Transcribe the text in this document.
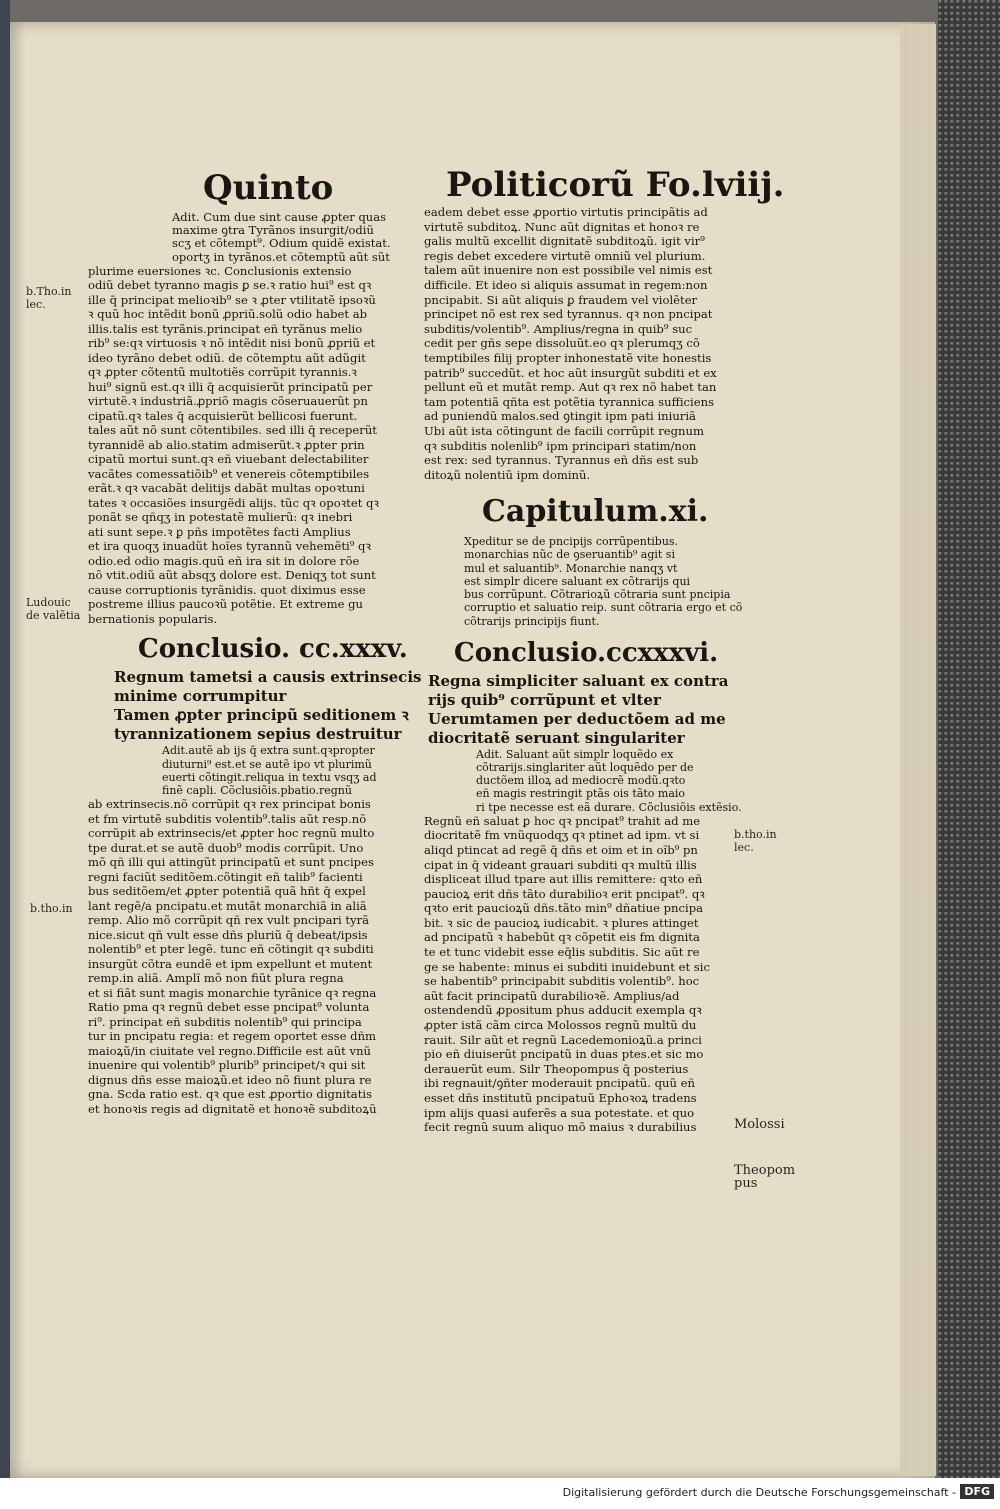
Quinto	Politicorũ Fo.lviij.

Adit. Cum due sint cause ꝓpter quas

maxime ꝯtra Tyrãnos insurgit/odiũ

scʒ et cõtempt⁹. Odium quidẽ existat.

oportʒ in tyrãnos.et cõtemptũ aũt sũt

plurime euersiones ꝛc. Conclusionis extensio

odiũ debet tyranno magis ꝑ se.ꝛ ratio hui⁹ est qꝛ

ille q̄ principat melioꝛib⁹ se ꝛ ꝓter vtilitatẽ ipsoꝛũ

ꝛ quũ hoc intẽdit bonũ ꝓpriũ.solũ odio habet ab

illis.talis est tyrãnis.principat eñ tyrãnus melio

rib⁹ se:qꝛ virtuosis ꝛ nõ intẽdit nisi bonũ ꝓpriũ et

ideo tyrãno debet odiũ. de cõtemptu aũt adũgit

qꝛ ꝓpter cõtentũ multotiẽs corrũpit tyrannis.ꝛ

hui⁹ signũ est.qꝛ illi q̄ acquisierũt principatũ per

virtutẽ.ꝛ industriã.ꝓpriõ magis cõseruauerũt pn

cipatũ.qꝛ tales q̄ acquisierũt bellicosi fuerunt.

tales aũt nõ sunt cõtentibiles. sed illi q̄ receperũt

tyrannidẽ ab alio.statim admiserũt.ꝛ ꝓpter prin

cipatũ mortui sunt.qꝛ eñ viuebant delectabiliter

vacãtes comessatiõib⁹ et venereis cõtemptibiles

erãt.ꝛ qꝛ vacabãt delitijs dabãt multas opoꝛtuni

tates ꝛ occasiões insurgẽdi alijs. tũc qꝛ opoꝛtet qꝛ

ponãt se qñqʒ in potestatẽ mulierũ: qꝛ inebri

ati sunt sepe.ꝛ ꝑ pñs impotẽtes facti Amplius

et ira quoqʒ inuadũt hoĩes tyrannũ vehemẽti⁹ qꝛ

odio.ed odio magis.quũ eñ ira sit in dolore rõe

nõ vtit.odiũ aũt absqʒ dolore est. Deniqʒ tot sunt

cause corruptionis tyrãnidis. quot diximus esse

postreme illius paucoꝛũ potẽtie. Et extreme gu

bernationis popularis.

Conclusio. cc.xxxv.

Regnum tametsi a causis extrinsecis

minime corrumpitur

Tamen ꝓpter principũ seditionem ꝛ

tyrannizationem sepius destruitur

Adit.autẽ ab ijs q̄ extra sunt.qꝛpropter

diuturni⁹ est.et se autẽ ipo vt plurimũ

euerti cõtingit.reliqua in textu vsqʒ ad

finẽ capli. Cõclusiõis.pbatio.regnũ

ab extrinsecis.nõ corrũpit qꝛ rex principat bonis

et fm virtutẽ subditis volentib⁹.talis aũt resp.nõ

corrũpit ab extrinsecis/et ꝓpter hoc regnũ multo

tpe durat.et se autẽ duob⁹ modis corrũpit. Uno

mõ qñ illi qui attingũt principatũ et sunt pncipes

regni faciũt seditõem.cõtingit eñ talib⁹ facienti

bus seditõem/et ꝓpter potentiã quã hñt q̄ expel

lant regẽ/a pncipatu.et mutãt monarchiã in aliã

remp. Alio mõ corrũpit qñ rex vult pncipari tyrã

nice.sicut qñ vult esse dñs pluriũ q̄ debeat/ipsis

nolentib⁹ et pter legẽ. tunc eñ cõtingit qꝛ subditi

insurgũt cõtra eundẽ et ipm expellunt et mutent

remp.in aliã. Amplĩ mõ non fiũt plura regna

et si fiãt sunt magis monarchie tyrãnice qꝛ regna

Ratio pma qꝛ regnũ debet esse pncipat⁹ volunta

ri⁹. principat eñ subditis nolentib⁹ qui principa

tur in pncipatu regia: et regem oportet esse dñm

maioꝝũ/in ciuitate vel regno.Difficile est aũt vnũ

inuenire qui volentib⁹ plurib⁹ principet/ꝛ qui sit

dignus dñs esse maioꝝũ.et ideo nõ fiunt plura re

gna. Scda ratio est. qꝛ que est ꝓportio dignitatis

et honoꝛis regis ad dignitatẽ et honoꝛẽ subditoꝝũ

eadem debet esse ꝓportio virtutis principãtis ad

virtutẽ subditoꝝ. Nunc aũt dignitas et honoꝛ re

galis multũ excellit dignitatẽ subditoꝝũ. igit vir⁹

regis debet excedere virtutẽ omniũ vel plurium.

talem aũt inuenire non est possibile vel nimis est

difficile. Et ideo si aliquis assumat in regem:non

pncipabit. Si aũt aliquis ꝑ fraudem vel violẽter

principet nõ est rex sed tyrannus. qꝛ non pncipat

subditis/volentib⁹. Amplius/regna in quib⁹ suc

cedit per gñs sepe dissoluũt.eo qꝛ plerumqʒ cõ

temptibiles filij propter inhonestatẽ vite honestis

patrib⁹ succedũt. et hoc aũt insurgũt subditi et ex

pellunt eũ et mutãt remp. Aut qꝛ rex nõ habet tan

tam potentiã qñta est potẽtia tyrannica sufficiens

ad puniendũ malos.sed ꝯtingit ipm pati iniuriã

Ubi aũt ista cõtingunt de facili corrũpit regnum

qꝛ subditis nolenlib⁹ ipm principari statim/non

est rex: sed tyrannus. Tyrannus eñ dñs est sub

ditoꝝũ nolentiũ ipm dominũ.

Capitulum.xi.

Xpeditur se de pncipijs corrũpentibus.

monarchias nũc de ꝯseruantib⁹ agit si

mul et saluantib⁹. Monarchie nanqʒ vt

est simplr dicere saluant ex cõtrarijs qui

bus corrũpunt. Cõtrarioꝝũ cõtraria sunt pncipia

corruptio et saluatio reip. sunt cõtraria ergo et cõ

cõtrarijs principijs fiunt.

Conclusio.ccxxxvi.

Regna simpliciter saluant ex contra

rijs quib⁹ corrũpunt et vlter

Uerumtamen per deductõem ad me

diocritatẽ seruant singulariter

Adit. Saluant aũt simplr loquẽdo ex

cõtrarijs.singlariter aũt loquẽdo per de

ductõem illoꝝ ad mediocrẽ modũ.qꝛto

eñ magis restringit ptãs ois tãto maio

ri tpe necesse est eã durare. Cõclusiõis extẽsio.

Regnũ eñ saluat ꝑ hoc qꝛ pncipat⁹ trahit ad me

diocritatẽ fm vnũquodqʒ qꝛ ptinet ad ipm. vt si

aliqd ptincat ad regẽ q̄ dñs et oim et in oĩb⁹ pn

cipat in q̄ videant grauari subditi qꝛ multũ illis

displiceat illud tpare aut illis remittere: qꝛto eñ

paucioꝝ erit dñs tãto durabilioꝛ erit pncipat⁹. qꝛ

qꝛto erit paucioꝝũ dñs.tãto min⁹ dñatiue pncipa

bit. ꝛ sic de paucioꝝ iudicabit. ꝛ plures attinget

ad pncipatũ ꝛ habebũt qꝛ cõpetit eis fm dignita

te et tunc videbit esse eq̄lis subditis. Sic aũt re

ge se habente: minus ei subditi inuidebunt et sic

se habentib⁹ principabit subditis volentib⁹. hoc

aũt facit principatũ durabilioꝛẽ. Amplius/ad

ostendendũ ꝓpositum phus adducit exempla qꝛ

ꝓpter istã cãm circa Molossos regnũ multũ du

rauit. Silr aũt et regnũ Lacedemonioꝝũ.a princi

pio eñ diuiserũt pncipatũ in duas ptes.et sic mo

derauerũt eum. Silr Theopompus q̄ posterius

ibi regnauit/ꝯñter moderauit pncipatũ. quũ eñ

esset dñs institutũ pncipatuũ Ephoꝛoꝝ tradens

ipm alijs quasi auferẽs a sua potestate. et quo

fecit regnũ suum aliquo mõ maius ꝛ durabilius

b.Tho.in
lec.
Ludouic
de valẽtia
b.tho.in
b.tho.in
lec.
Molossi
Theopom
pus
Digitalisierung gefördert durch die Deutsche Forschungsgemeinschaft - DFG
